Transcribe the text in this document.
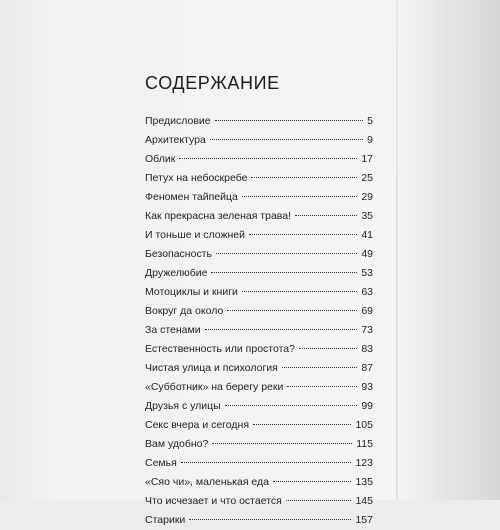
СОДЕРЖАНИЕ
Предисловие	5
Архитектура	9
Облик	17
Петух на небоскребе	25
Феномен тайпейца	29
Как прекрасна зеленая трава!	35
И тоньше и сложней	41
Безопасность	49
Дружелюбие	53
Мотоциклы и книги	63
Вокруг да около	69
За стенами	73
Естественность или простота?	83
Чистая улица и психология	87
«Субботник» на берегу реки	93
Друзья с улицы	99
Секс вчера и сегодня	105
Вам удобно?	115
Семья	123
«Сяо чи», маленькая еда	135
Что исчезает и что остается	145
Старики	157
